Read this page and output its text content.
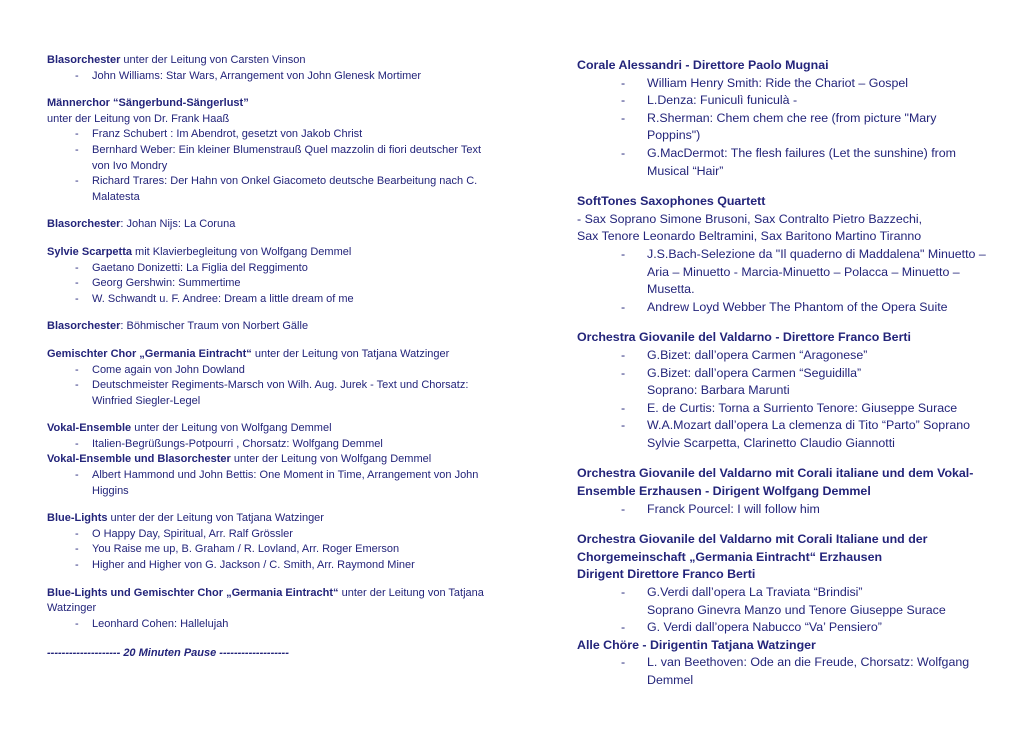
Blasorchester unter der Leitung von Carsten Vinson
- John Williams: Star Wars, Arrangement von John Glenesk Mortimer
Männerchor “Sängerbund-Sängerlust”
unter der Leitung von Dr. Frank Haaß
- Franz Schubert : Im Abendrot, gesetzt von Jakob Christ
- Bernhard Weber: Ein kleiner Blumenstrauß Quel mazzolin di fiori deutscher Text von Ivo Mondry
- Richard Trares: Der Hahn von Onkel Giacometo deutsche Bearbeitung nach C. Malatesta
Blasorchester: Johan Nijs: La Coruna
Sylvie Scarpetta mit Klavierbegleitung von Wolfgang Demmel
- Gaetano Donizetti: La Figlia del Reggimento
- Georg Gershwin: Summertime
- W. Schwandt u. F. Andree: Dream a little dream of me
Blasorchester: Böhmischer Traum von Norbert Gälle
Gemischter Chor „Germania Eintracht“ unter der Leitung von Tatjana Watzinger
- Come again von John Dowland
- Deutschmeister Regiments-Marsch von Wilh. Aug. Jurek - Text und Chorsatz: Winfried Siegler-Legel
Vokal-Ensemble unter der Leitung von Wolfgang Demmel
- Italien-Begrüßungs-Potpourri , Chorsatz: Wolfgang Demmel
Vokal-Ensemble und Blasorchester unter der Leitung von Wolfgang Demmel
- Albert Hammond und John Bettis: One Moment in Time, Arrangement von John Higgins
Blue-Lights unter der der Leitung von Tatjana Watzinger
- O Happy Day, Spiritual, Arr. Ralf Grössler
- You Raise me up, B. Graham / R. Lovland, Arr. Roger Emerson
- Higher and Higher von G. Jackson / C. Smith, Arr. Raymond Miner
Blue-Lights und Gemischter Chor „Germania Eintracht“ unter der Leitung von Tatjana Watzinger
- Leonhard Cohen: Hallelujah
-------------------- 20 Minuten Pause -------------------
Corale Alessandri - Direttore Paolo Mugnai
- William Henry Smith: Ride the Chariot – Gospel
- L.Denza: Funiculì funiculà -
- R.Sherman: Chem chem che ree (from picture "Mary Poppins")
- G.MacDermot: The flesh failures (Let the sunshine) from Musical “Hair”
SoftTones Saxophones Quartett
- Sax Soprano Simone Brusoni, Sax Contralto Pietro Bazzechi,
Sax Tenore Leonardo Beltramini, Sax Baritono Martino Tiranno
- J.S.Bach-Selezione da "Il quaderno di Maddalena" Minuetto – Aria – Minuetto - Marcia-Minuetto – Polacca – Minuetto – Musetta.
- Andrew Loyd Webber The Phantom of the Opera Suite
Orchestra Giovanile del Valdarno - Direttore Franco Berti
- G.Bizet: dall’opera Carmen “Aragonese”
- G.Bizet: dall’opera Carmen “Seguidilla”
Soprano: Barbara Marunti
- E. de Curtis: Torna a Surriento Tenore: Giuseppe Surace
- W.A.Mozart dall’opera La clemenza di Tito “Parto” Soprano Sylvie Scarpetta, Clarinetto Claudio Giannotti
Orchestra Giovanile del Valdarno mit Corali italiane und dem Vokal-Ensemble Erzhausen - Dirigent Wolfgang Demmel
- Franck Pourcel: I will follow him
Orchestra Giovanile del Valdarno mit Corali Italiane und der Chorgemeinschaft „Germania Eintracht“ Erzhausen
Dirigent Direttore Franco Berti
- G.Verdi dall’opera La Traviata “Brindisi”
Soprano Ginevra Manzo und Tenore Giuseppe Surace
- G. Verdi dall’opera Nabucco “Va’ Pensiero”
Alle Chöre - Dirigentin Tatjana Watzinger
- L. van Beethoven: Ode an die Freude, Chorsatz: Wolfgang Demmel
